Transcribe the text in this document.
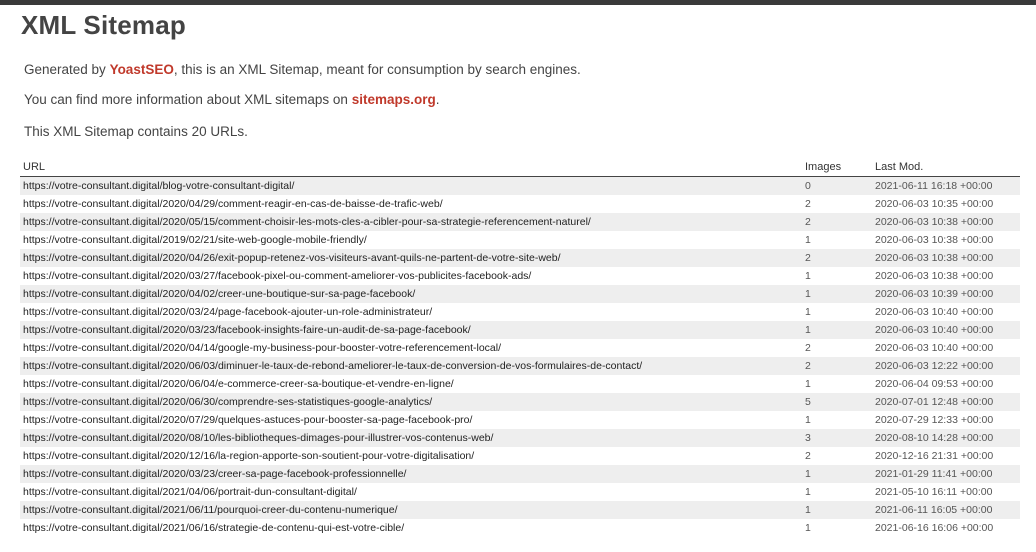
XML Sitemap

Generated by YoastSEO, this is an XML Sitemap, meant for consumption by search engines.

You can find more information about XML sitemaps on sitemaps.org.

This XML Sitemap contains 20 URLs.

URL	Images	Last Mod.
https://votre-consultant.digital/blog-votre-consultant-digital/	0	2021-06-11 16:18 +00:00
https://votre-consultant.digital/2020/04/29/comment-reagir-en-cas-de-baisse-de-trafic-web/	2	2020-06-03 10:35 +00:00
https://votre-consultant.digital/2020/05/15/comment-choisir-les-mots-cles-a-cibler-pour-sa-strategie-referencement-naturel/	2	2020-06-03 10:38 +00:00
https://votre-consultant.digital/2019/02/21/site-web-google-mobile-friendly/	1	2020-06-03 10:38 +00:00
https://votre-consultant.digital/2020/04/26/exit-popup-retenez-vos-visiteurs-avant-quils-ne-partent-de-votre-site-web/	2	2020-06-03 10:38 +00:00
https://votre-consultant.digital/2020/03/27/facebook-pixel-ou-comment-ameliorer-vos-publicites-facebook-ads/	1	2020-06-03 10:38 +00:00
https://votre-consultant.digital/2020/04/02/creer-une-boutique-sur-sa-page-facebook/	1	2020-06-03 10:39 +00:00
https://votre-consultant.digital/2020/03/24/page-facebook-ajouter-un-role-administrateur/	1	2020-06-03 10:40 +00:00
https://votre-consultant.digital/2020/03/23/facebook-insights-faire-un-audit-de-sa-page-facebook/	1	2020-06-03 10:40 +00:00
https://votre-consultant.digital/2020/04/14/google-my-business-pour-booster-votre-referencement-local/	2	2020-06-03 10:40 +00:00
https://votre-consultant.digital/2020/06/03/diminuer-le-taux-de-rebond-ameliorer-le-taux-de-conversion-de-vos-formulaires-de-contact/	2	2020-06-03 12:22 +00:00
https://votre-consultant.digital/2020/06/04/e-commerce-creer-sa-boutique-et-vendre-en-ligne/	1	2020-06-04 09:53 +00:00
https://votre-consultant.digital/2020/06/30/comprendre-ses-statistiques-google-analytics/	5	2020-07-01 12:48 +00:00
https://votre-consultant.digital/2020/07/29/quelques-astuces-pour-booster-sa-page-facebook-pro/	1	2020-07-29 12:33 +00:00
https://votre-consultant.digital/2020/08/10/les-bibliotheques-dimages-pour-illustrer-vos-contenus-web/	3	2020-08-10 14:28 +00:00
https://votre-consultant.digital/2020/12/16/la-region-apporte-son-soutient-pour-votre-digitalisation/	2	2020-12-16 21:31 +00:00
https://votre-consultant.digital/2020/03/23/creer-sa-page-facebook-professionnelle/	1	2021-01-29 11:41 +00:00
https://votre-consultant.digital/2021/04/06/portrait-dun-consultant-digital/	1	2021-05-10 16:11 +00:00
https://votre-consultant.digital/2021/06/11/pourquoi-creer-du-contenu-numerique/	1	2021-06-11 16:05 +00:00
https://votre-consultant.digital/2021/06/16/strategie-de-contenu-qui-est-votre-cible/	1	2021-06-16 16:06 +00:00
